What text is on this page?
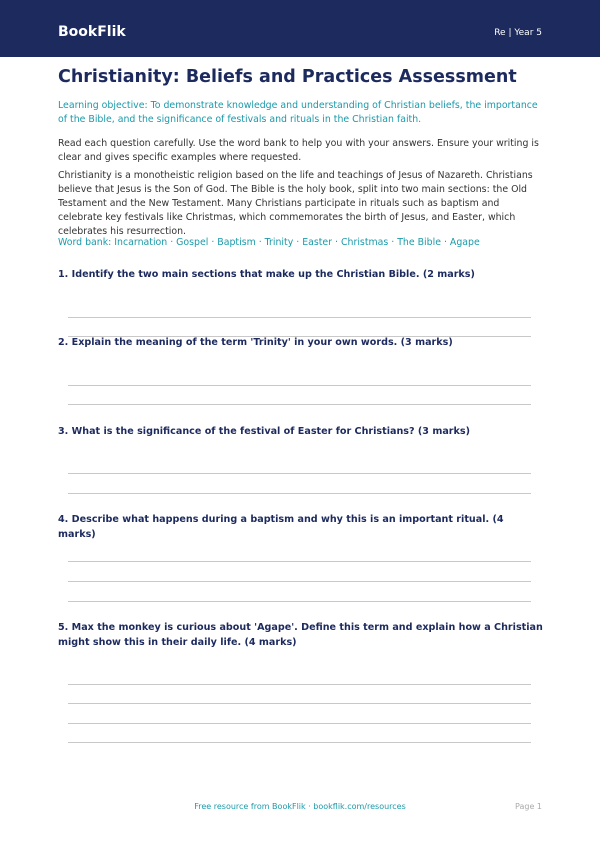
BookFlik	Re | Year 5
Christianity: Beliefs and Practices Assessment

Learning objective: To demonstrate knowledge and understanding of Christian beliefs, the importance of the Bible, and the significance of festivals and rituals in the Christian faith.

Read each question carefully. Use the word bank to help you with your answers. Ensure your writing is clear and gives specific examples where requested.

Christianity is a monotheistic religion based on the life and teachings of Jesus of Nazareth. Christians believe that Jesus is the Son of God. The Bible is the holy book, split into two main sections: the Old Testament and the New Testament. Many Christians participate in rituals such as baptism and celebrate key festivals like Christmas, which commemorates the birth of Jesus, and Easter, which celebrates his resurrection.

Word bank: Incarnation · Gospel · Baptism · Trinity · Easter · Christmas · The Bible · Agape

1. Identify the two main sections that make up the Christian Bible. (2 marks)

2. Explain the meaning of the term 'Trinity' in your own words. (3 marks)

3. What is the significance of the festival of Easter for Christians? (3 marks)

4. Describe what happens during a baptism and why this is an important ritual. (4 marks)

5. Max the monkey is curious about 'Agape'. Define this term and explain how a Christian might show this in their daily life. (4 marks)

Free resource from BookFlik · bookflik.com/resources	Page 1
